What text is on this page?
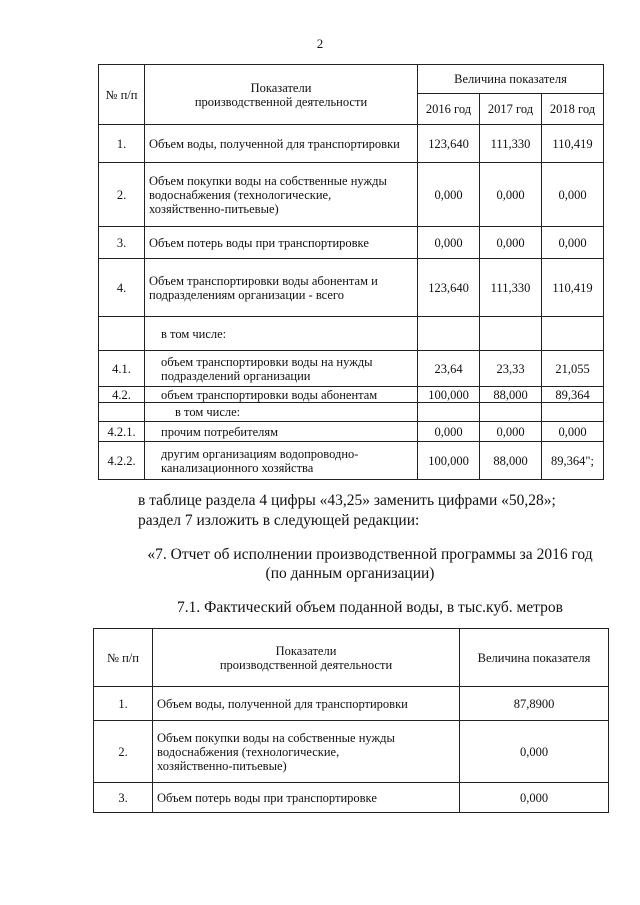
2
№ п/п	Показатели
производственной деятельности	Величина показателя		
		2016 год	2017 год	2018 год
1.	Объем воды, полученной для транспортировки	123,640	111,330	110,419
2.	Объем покупки воды на собственные нужды
водоснабжения (технологические,
хозяйственно-питьевые)	0,000	0,000	0,000
3.	Объем потерь воды при транспортировке	0,000	0,000	0,000
4.	Объем транспортировки воды абонентам и
подразделениям организации - всего	123,640	111,330	110,419

	в том числе:			

4.1.	объем транспортировки воды на нужды
подразделений организации	23,64	23,33	21,055
4.2.	объем транспортировки воды абонентам	100,000	88,000	89,364

	в том числе:			

4.2.1.	прочим потребителям	0,000	0,000	0,000
4.2.2.	другим организациям водопроводно-
канализационного хозяйства	100,000	88,000	89,364";
в таблице раздела 4 цифры «43,25» заменить цифрами «50,28»;
раздел 7 изложить в следующей редакции:
«7. Отчет об исполнении производственной программы за 2016 год
(по данным организации)
7.1. Фактический объем поданной воды, в тыс.куб. метров
№ п/п	Показатели
производственной деятельности	Величина показателя
1.	Объем воды, полученной для транспортировки	87,8900
2.	Объем покупки воды на собственные нужды
водоснабжения (технологические,
хозяйственно-питьевые)	0,000
3.	Объем потерь воды при транспортировке	0,000
